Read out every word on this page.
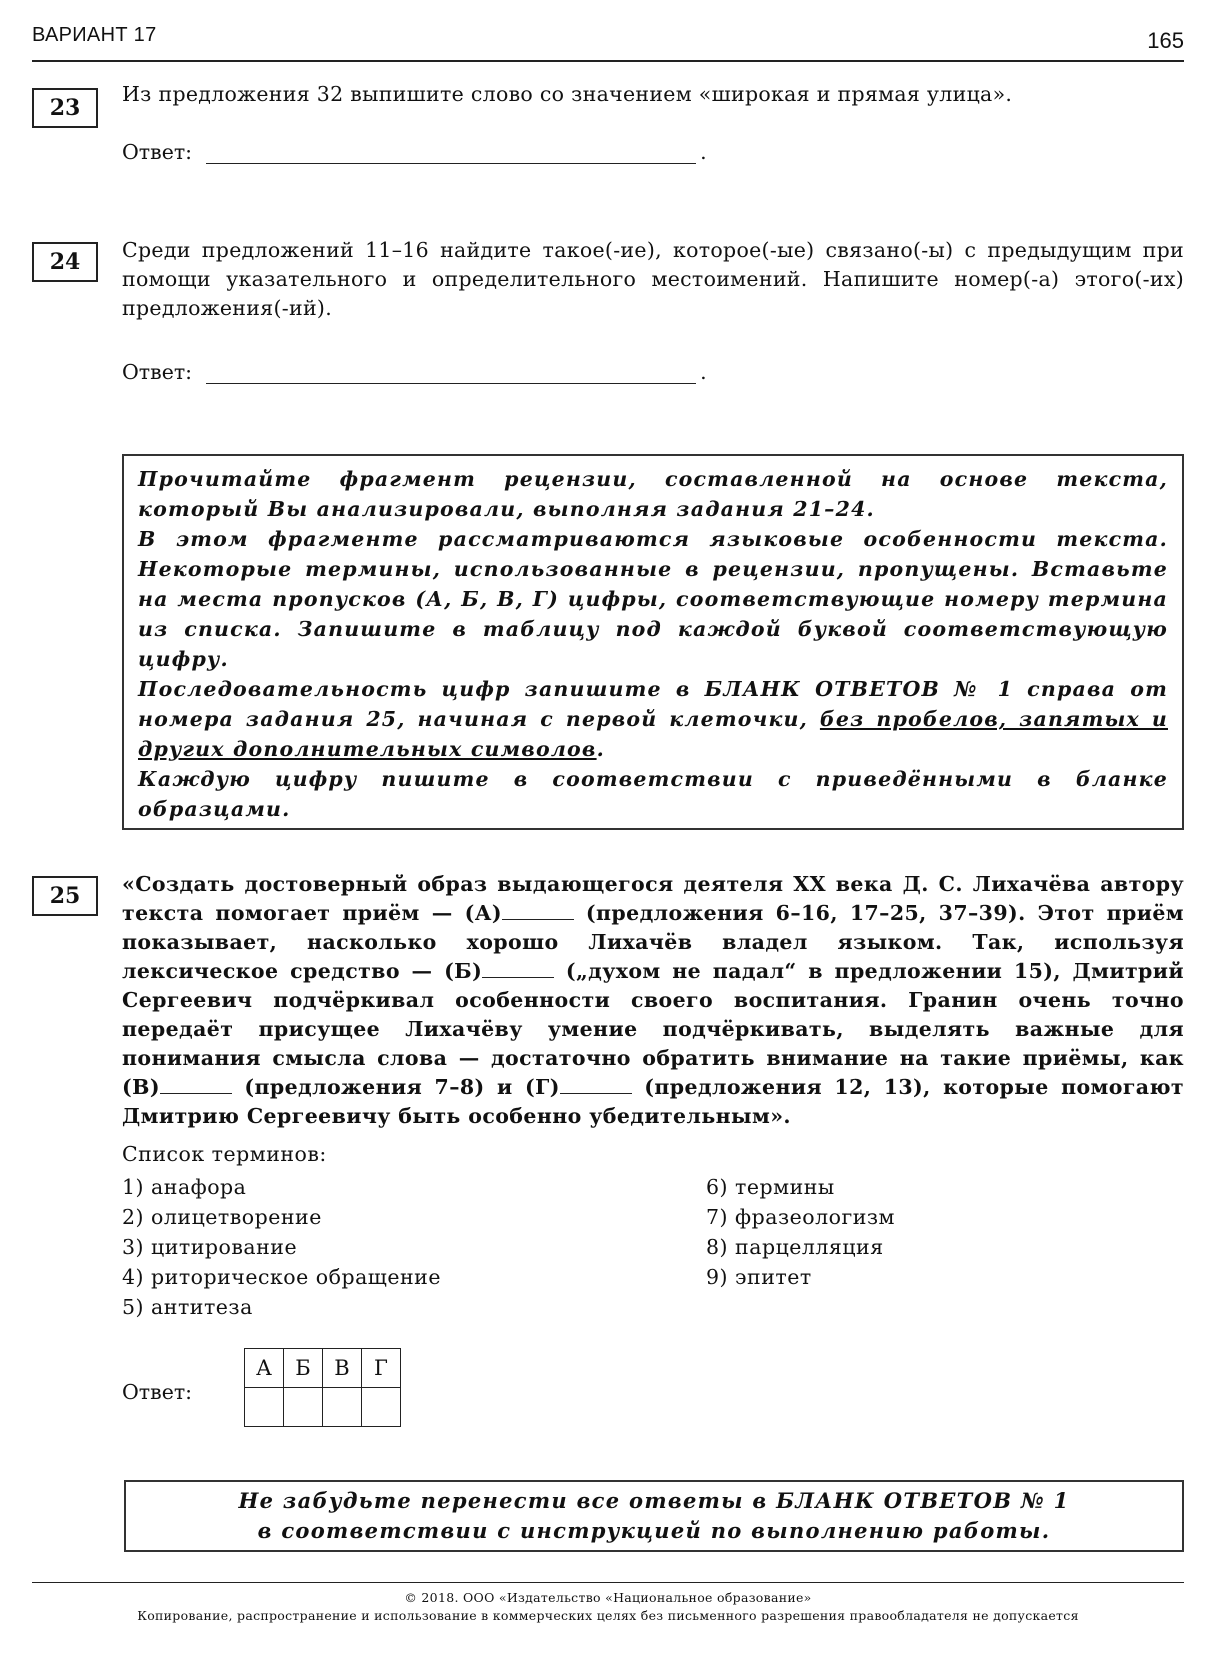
ВАРИАНТ 17	165
23
Из предложения 32 выпишите слово со значением «широкая и прямая улица».
Ответ:	.
24	Среди предложений 11–16 найдите такое(-ие), которое(-ые) связано(-ы) с предыдущим при помощи указательного и определительного местоимений. Напишите номер(-а) этого(-их) предложения(-ий).
Ответ:	.

Прочитайте фрагмент рецензии, составленной на основе текста, который Вы анализировали, выполняя задания 21–24.

В этом фрагменте рассматриваются языковые особенности текста. Некоторые термины, использованные в рецензии, пропущены. Вставьте на места пропусков (А, Б, В, Г) цифры, соответствующие номеру термина из списка. Запишите в таблицу под каждой буквой соответствующую цифру.

Последовательность цифр запишите в БЛАНК ОТВЕТОВ № 1 справа от номера задания 25, начиная с первой клеточки, без пробелов, запятых и других дополнительных символов.

Каждую цифру пишите в соответствии с приведёнными в бланке образцами.

25	«Создать достоверный образ выдающегося деятеля XX века Д. С. Лихачёва автору текста помогает приём — (А)	(предложения 6–16, 17–25, 37–39). Этот приём показывает, насколько хорошо Лихачёв владел языком. Так, используя лексическое средство — (Б)	(„духом не падал“ в предложении 15), Дмитрий Сергеевич подчёркивал особенности своего воспитания. Гранин очень точно передаёт присущее Лихачёву умение подчёркивать, выделять важные для понимания смысла слова — достаточно обратить внимание на такие приёмы, как (В)	(предложения 7–8) и (Г)	(предложения 12, 13), которые помогают Дмитрию Сергеевичу быть особенно убедительным».
Список терминов:
1) анафора
2) олицетворение
3) цитирование
4) риторическое обращение
5) антитеза
6) термины
7) фразеологизм
8) парцелляция
9) эпитет
Ответ:
А	Б	В	Г

Не забудьте перенести все ответы в БЛАНК ОТВЕТОВ № 1
в соответствии с инструкцией по выполнению работы.
© 2018. ООО «Издательство «Национальное образование»
Копирование, распространение и использование в коммерческих целях без письменного разрешения правообладателя не допускается
